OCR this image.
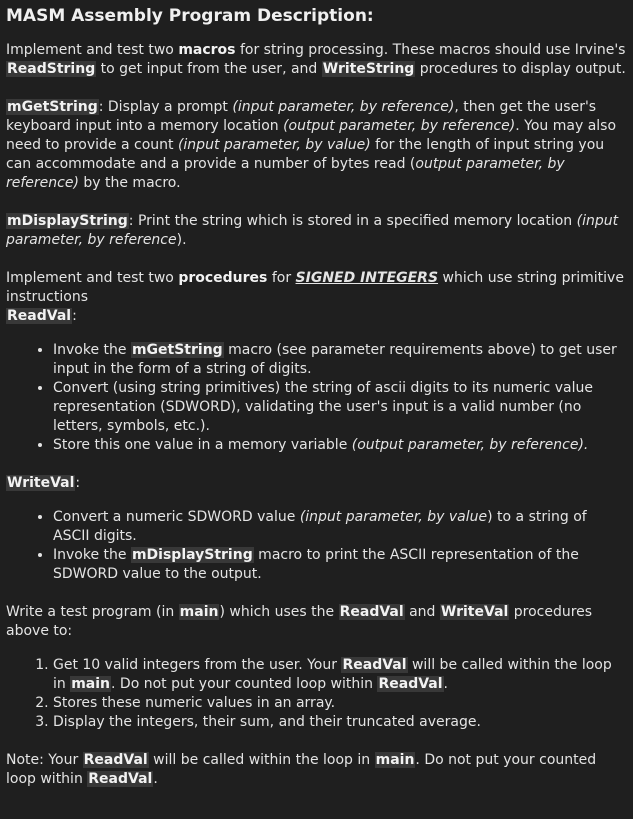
MASM Assembly Program Description:

Implement and test two macros for string processing. These macros should use Irvine's ReadString to get input from the user, and WriteString procedures to display output.

mGetString: Display a prompt (input parameter, by reference), then get the user's keyboard input into a memory location (output parameter, by reference). You may also need to provide a count (input parameter, by value) for the length of input string you can accommodate and a provide a number of bytes read (output parameter, by reference) by the macro.

mDisplayString: Print the string which is stored in a specified memory location (input parameter, by reference).

Implement and test two procedures for SIGNED INTEGERS which use string primitive instructions

ReadVal:

• Invoke the mGetString macro (see parameter requirements above) to get user input in the form of a string of digits.
• Convert (using string primitives) the string of ascii digits to its numeric value representation (SDWORD), validating the user's input is a valid number (no letters, symbols, etc.).
• Store this one value in a memory variable (output parameter, by reference).

WriteVal:

• Convert a numeric SDWORD value (input parameter, by value) to a string of ASCII digits.
• Invoke the mDisplayString macro to print the ASCII representation of the SDWORD value to the output.

Write a test program (in main) which uses the ReadVal and WriteVal procedures above to:

1. Get 10 valid integers from the user. Your ReadVal will be called within the loop in main. Do not put your counted loop within ReadVal.
2. Stores these numeric values in an array.
3. Display the integers, their sum, and their truncated average.

Note: Your ReadVal will be called within the loop in main. Do not put your counted loop within ReadVal.
